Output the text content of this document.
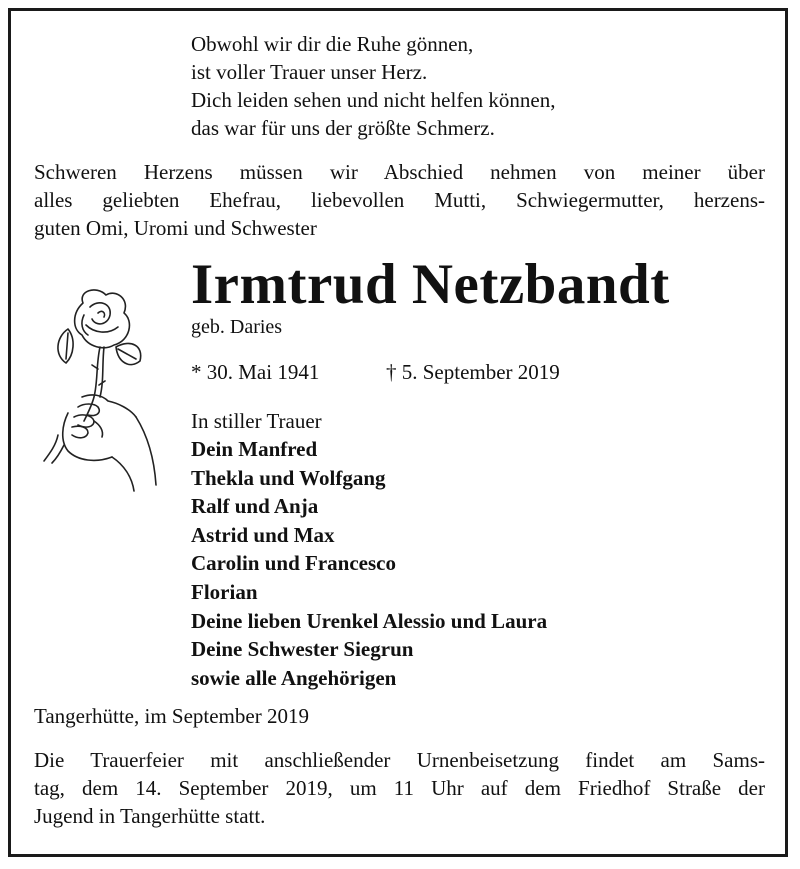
Obwohl wir dir die Ruhe gönnen,
ist voller Trauer unser Herz.
Dich leiden sehen und nicht helfen können,
das war für uns der größte Schmerz.
Schweren Herzens müssen wir Abschied nehmen von meiner über
alles geliebten Ehefrau, liebevollen Mutti, Schwiegermutter, herzens-
guten Omi, Uromi und Schwester
Irmtrud Netzbandt
geb. Daries
* 30. Mai 1941	† 5. September 2019
In stiller Trauer
Dein Manfred
Thekla und Wolfgang
Ralf und Anja
Astrid und Max
Carolin und Francesco
Florian
Deine lieben Urenkel Alessio und Laura
Deine Schwester Siegrun
sowie alle Angehörigen
Tangerhütte, im September 2019
Die Trauerfeier mit anschließender Urnenbeisetzung findet am Sams-
tag, dem 14. September 2019, um 11 Uhr auf dem Friedhof Straße der
Jugend in Tangerhütte statt.
